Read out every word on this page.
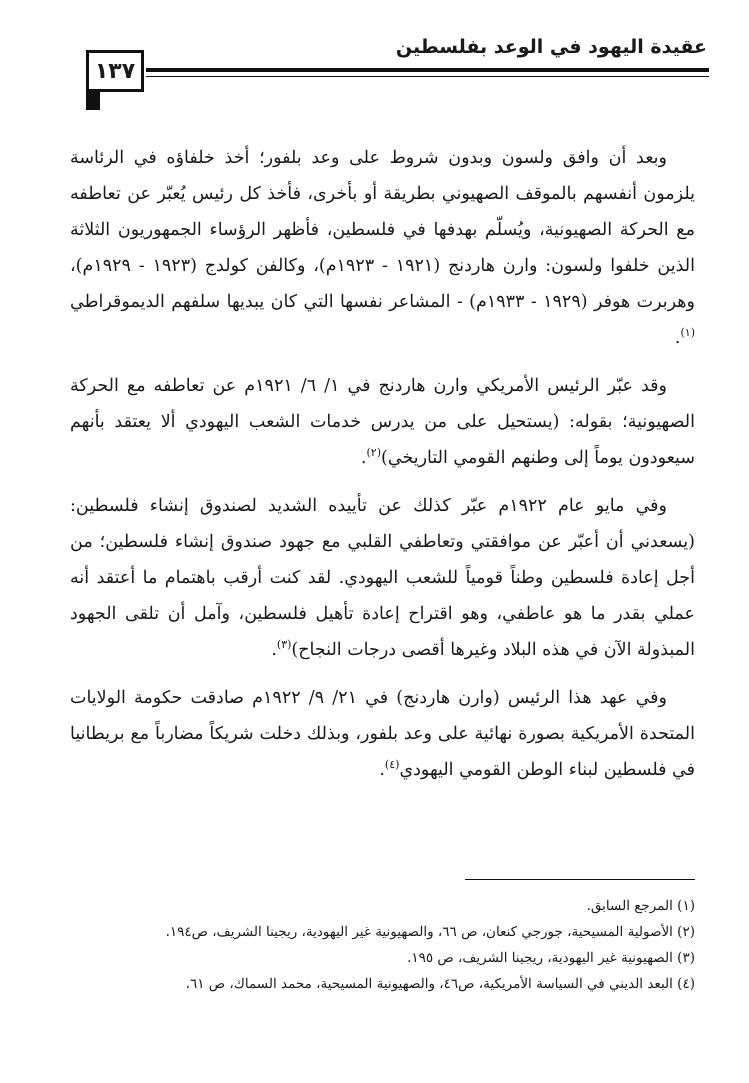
١٣٧
عقيدة اليهود في الوعد بفلسطين

وبعد أن وافق ولسون وبدون شروط على وعد بلفور؛ أخذ خلفاؤه في الرئاسة يلزمون أنفسهم بالموقف الصهيوني بطريقة أو بأخرى، فأخذ كل رئيس يُعبّر عن تعاطفه مع الحركة الصهيونية، ويُسلّم بهدفها في فلسطين، فأظهر الرؤساء الجمهوريون الثلاثة الذين خلفوا ولسون: وارن هاردنج (١٩٢١ - ١٩٢٣م)، وكالفن كولدج (١٩٢٣ - ١٩٢٩م)، وهربرت هوفر (١٩٢٩ - ١٩٣٣م) - المشاعر نفسها التي كان يبديها سلفهم الديموقراطي $^{(١)}$.

وقد عبّر الرئيس الأمريكي وارن هاردنج في ١/ ٦/ ١٩٢١م عن تعاطفه مع الحركة الصهيونية؛ بقوله: (يستحيل على من يدرس خدمات الشعب اليهودي ألا يعتقد بأنهم سيعودون يوماً إلى وطنهم القومي التاريخي)$^{(٢)}$.

وفي مايو عام ١٩٢٢م عبّر كذلك عن تأييده الشديد لصندوق إنشاء فلسطين: (يسعدني أن أعبّر عن موافقتي وتعاطفي القلبي مع جهود صندوق إنشاء فلسطين؛ من أجل إعادة فلسطين وطناً قومياً للشعب اليهودي. لقد كنت أرقب باهتمام ما أعتقد أنه عملي بقدر ما هو عاطفي، وهو اقتراح إعادة تأهيل فلسطين، وآمل أن تلقى الجهود المبذولة الآن في هذه البلاد وغيرها أقصى درجات النجاح)$^{(٣)}$.

وفي عهد هذا الرئيس (وارن هاردنج) في ٢١/ ٩/ ١٩٢٢م صادقت حكومة الولايات المتحدة الأمريكية بصورة نهائية على وعد بلفور، وبذلك دخلت شريكاً مضارباً مع بريطانيا في فلسطين لبناء الوطن القومي اليهودي$^{(٤)}$.

(١) المرجع السابق.

(٢) الأصولية المسيحية، جورجي كنعان، ص ٦٦، والصهيونية غير اليهودية، ريجينا الشريف، ص١٩٤.

(٣) الصهيونية غير اليهودية، ريجينا الشريف، ص ١٩٥.

(٤) البعد الديني في السياسة الأمريكية، ص٤٦، والصهيونية المسيحية، محمد السماك، ص ٦١.
